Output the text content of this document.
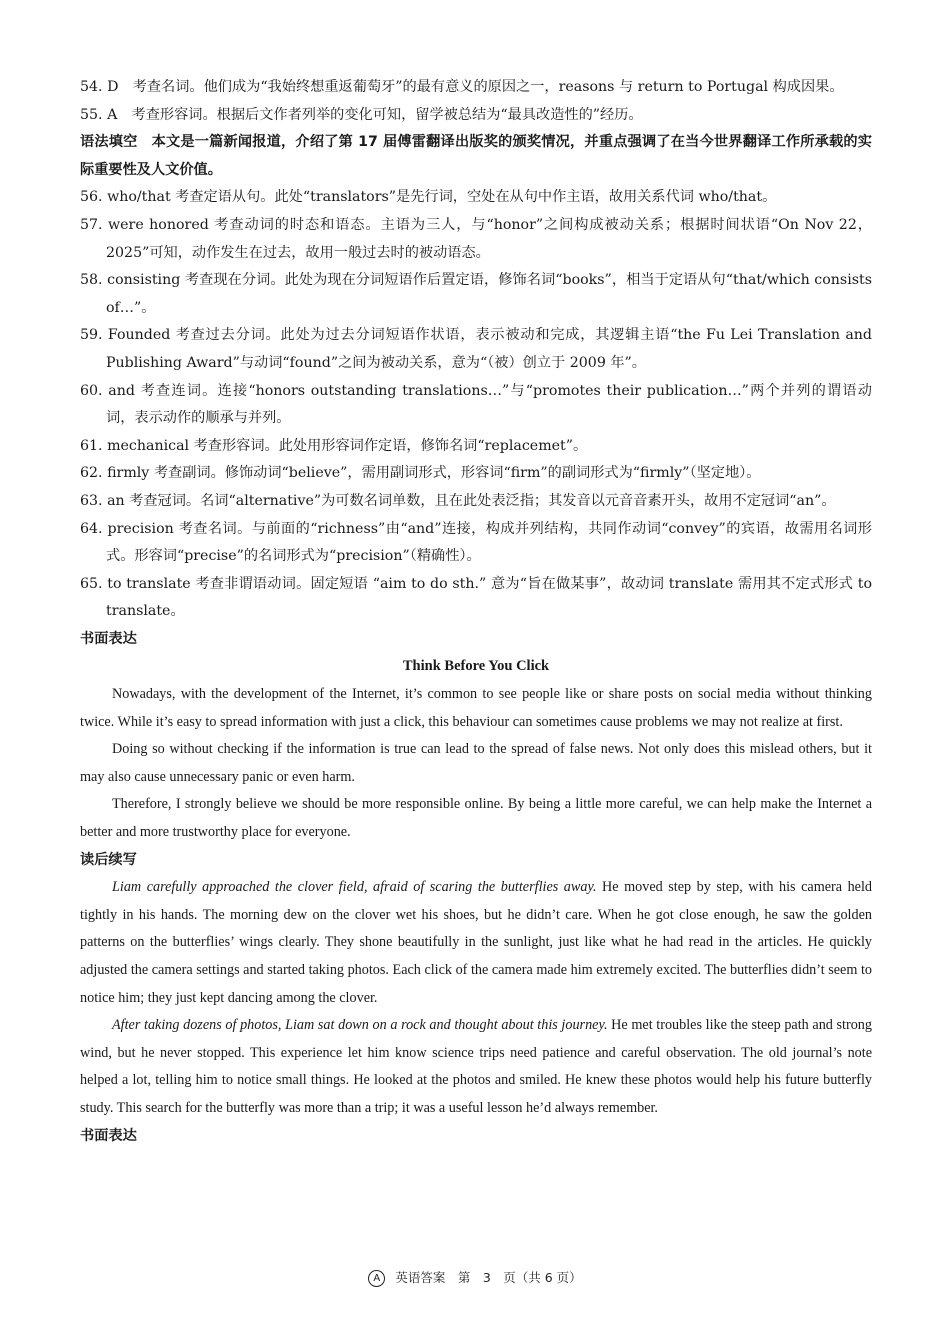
54. D　考查名词。他们成为“我始终想重返葡萄牙”的最有意义的原因之一，reasons 与 return to Portugal 构成因果。
55. A　考查形容词。根据后文作者列举的变化可知，留学被总结为“最具改造性的”经历。
语法填空 本文是一篇新闻报道，介绍了第 17 届傅雷翻译出版奖的颁奖情况，并重点强调了在当今世界翻译工作所承载的实际重要性及人文价值。
56. who/that 考查定语从句。此处“translators”是先行词，空处在从句中作主语，故用关系代词 who/that。
57. were honored 考查动词的时态和语态。主语为三人，与“honor”之间构成被动关系；根据时间状语“On Nov 22，2025”可知，动作发生在过去，故用一般过去时的被动语态。
58. consisting 考查现在分词。此处为现在分词短语作后置定语，修饰名词“books”，相当于定语从句“that/which consists of…”。
59. Founded 考查过去分词。此处为过去分词短语作状语，表示被动和完成，其逻辑主语“the Fu Lei Translation and Publishing Award”与动词“found”之间为被动关系，意为“（被）创立于 2009 年”。
60. and 考查连词。连接“honors outstanding translations…”与“promotes their publication…”两个并列的谓语动词，表示动作的顺承与并列。
61. mechanical 考查形容词。此处用形容词作定语，修饰名词“replacemet”。
62. firmly 考查副词。修饰动词“believe”，需用副词形式，形容词“firm”的副词形式为“firmly”（坚定地）。
63. an 考查冠词。名词“alternative”为可数名词单数，且在此处表泛指；其发音以元音音素开头，故用不定冠词“an”。
64. precision 考查名词。与前面的“richness”由“and”连接，构成并列结构，共同作动词“convey”的宾语，故需用名词形式。形容词“precise”的名词形式为“precision”（精确性）。
65. to translate 考查非谓语动词。固定短语 “aim to do sth.” 意为“旨在做某事”，故动词 translate 需用其不定式形式 to translate。
书面表达
Think Before You Click
Nowadays, with the development of the Internet, it’s common to see people like or share posts on social media without thinking twice. While it’s easy to spread information with just a click, this behaviour can sometimes cause problems we may not realize at first.
Doing so without checking if the information is true can lead to the spread of false news. Not only does this mislead others, but it may also cause unnecessary panic or even harm.
Therefore, I strongly believe we should be more responsible online. By being a little more careful, we can help make the Internet a better and more trustworthy place for everyone.
读后续写
Liam carefully approached the clover field, afraid of scaring the butterflies away. He moved step by step, with his camera held tightly in his hands. The morning dew on the clover wet his shoes, but he didn’t care. When he got close enough, he saw the golden patterns on the butterflies’ wings clearly. They shone beautifully in the sunlight, just like what he had read in the articles. He quickly adjusted the camera settings and started taking photos. Each click of the camera made him extremely excited. The butterflies didn’t seem to notice him; they just kept dancing among the clover.
After taking dozens of photos, Liam sat down on a rock and thought about this journey. He met troubles like the steep path and strong wind, but he never stopped. This experience let him know science trips need patience and careful observation. The old journal’s note helped a lot, telling him to notice small things. He looked at the photos and smiled. He knew these photos would help his future butterfly study. This search for the butterfly was more than a trip; it was a useful lesson he’d always remember.
书面表达
A 英语答案　第　3　页（共 6 页）
